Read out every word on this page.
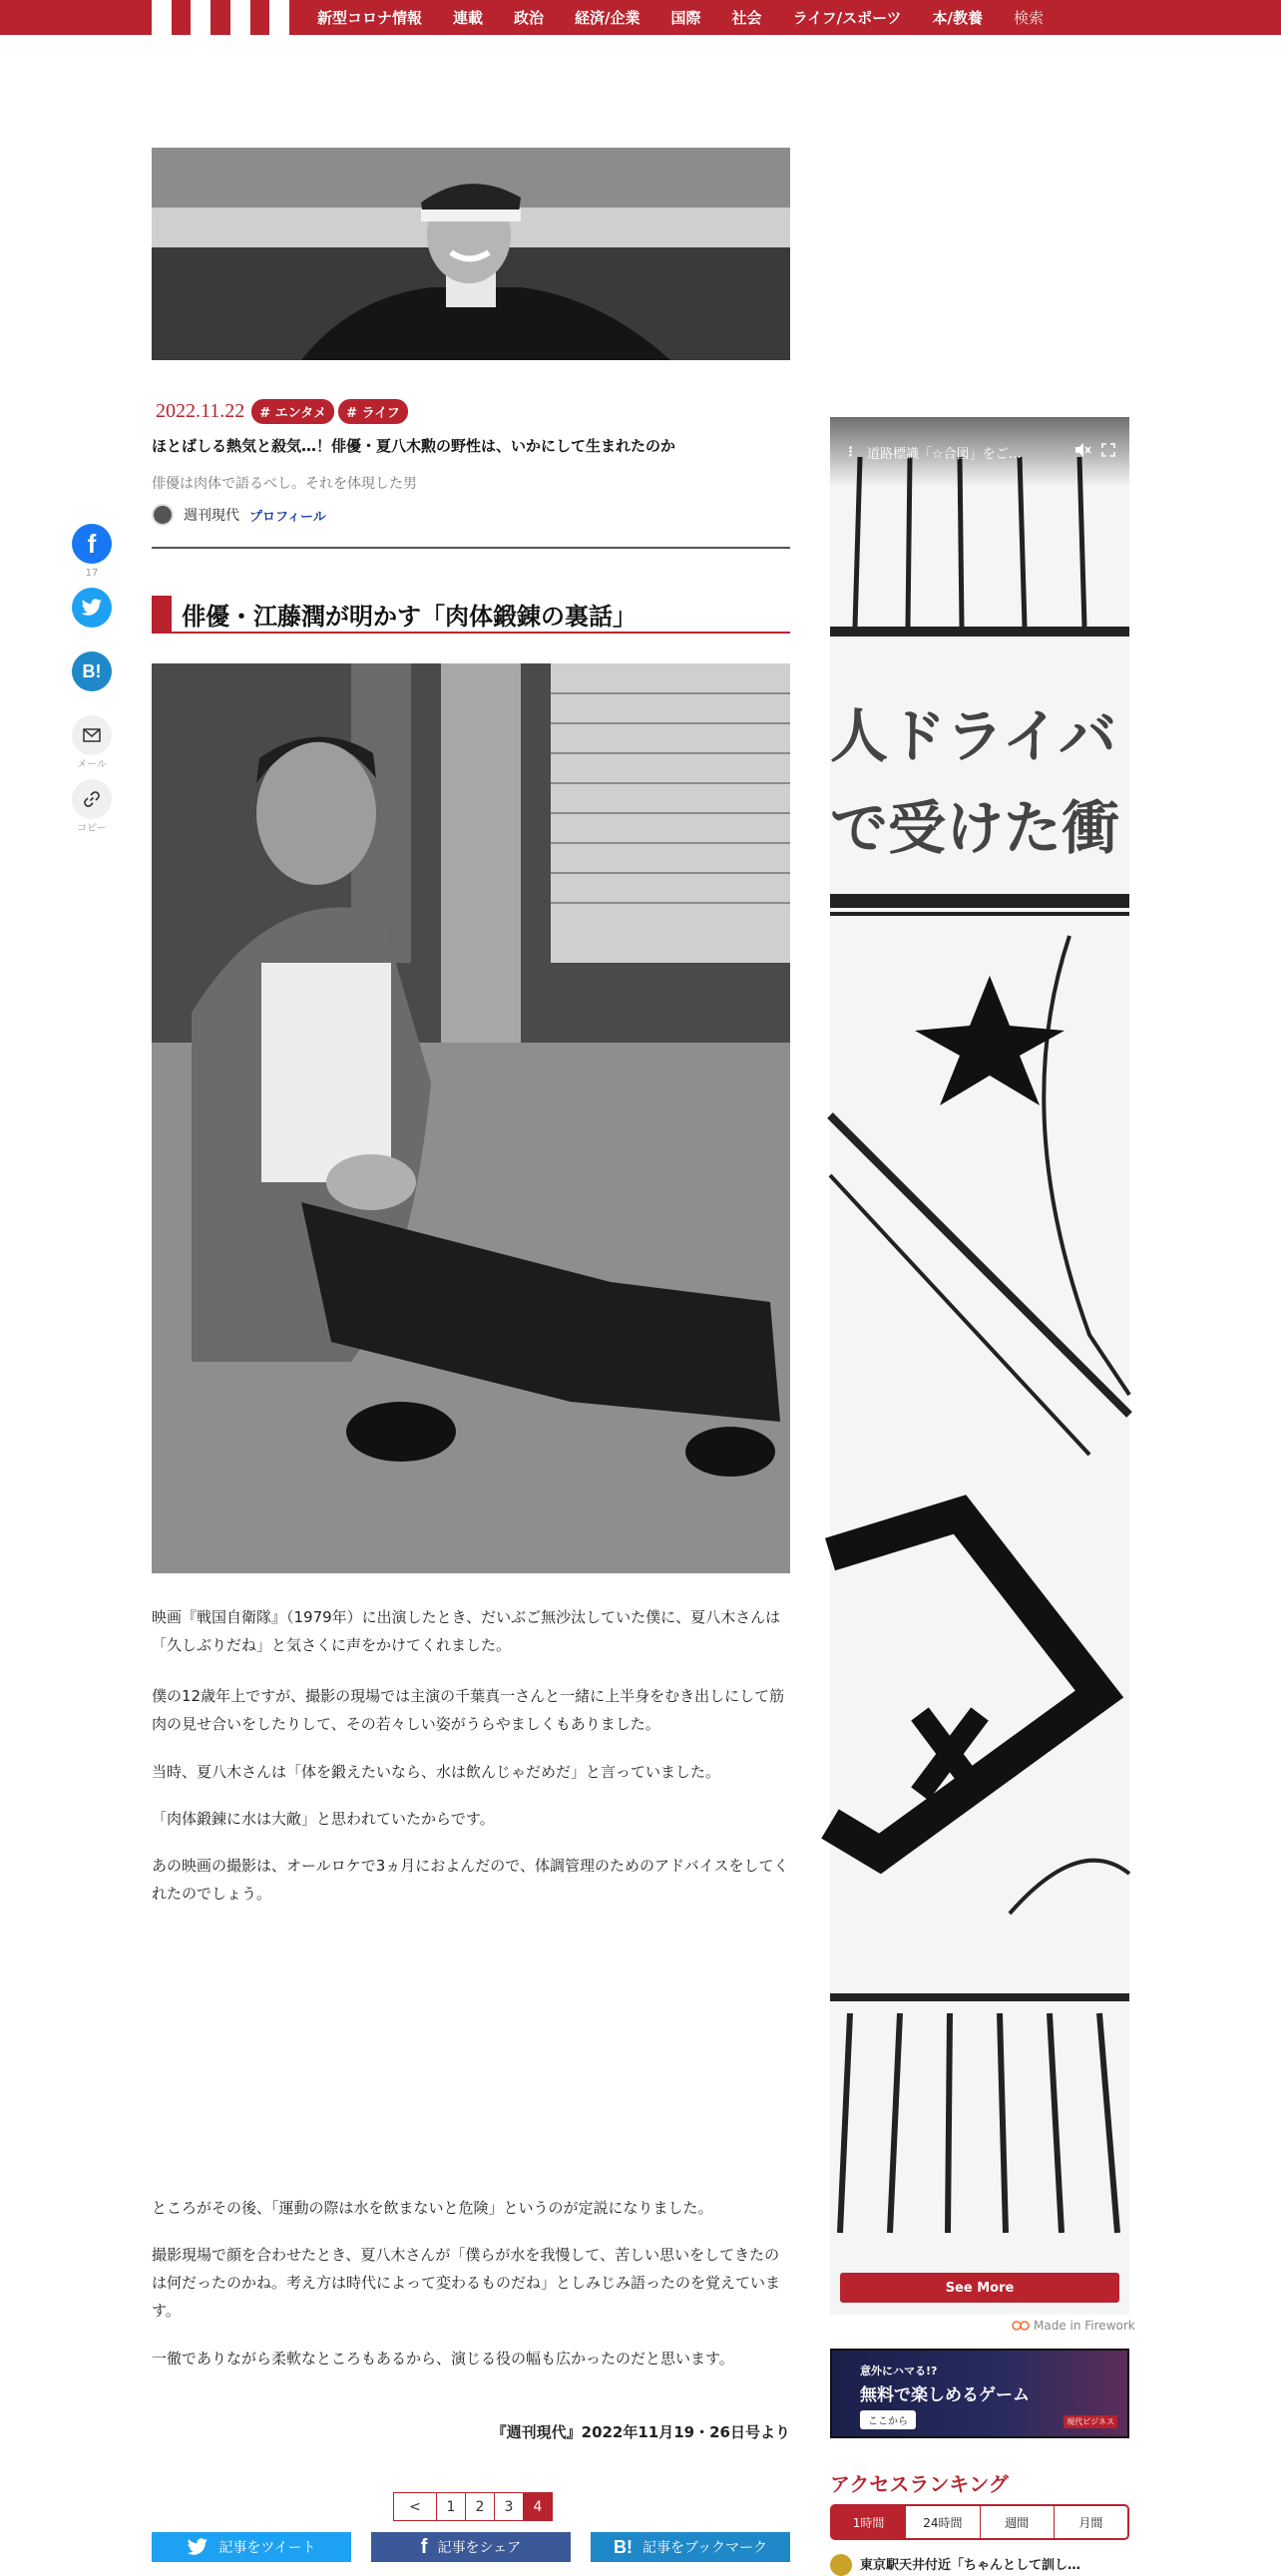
新型コロナ情報 連載 政治 経済/企業 国際 社会 ライフ/スポーツ 本/教養 検索
2022.11.22	# エンタメ	# ライフ
ほとばしる熱気と殺気…！俳優・夏八木勲の野性は、いかにして生まれたのか
俳優は肉体で語るべし。それを体現した男
週刊現代 プロフィール
f
17
B!
メール
コピー
俳優・江藤潤が明かす「肉体鍛錬の裏話」

映画『戦国自衛隊』（1979年）に出演したとき、だいぶご無沙汰していた僕に、夏八木さんは「久しぶりだね」と気さくに声をかけてくれました。

僕の12歳年上ですが、撮影の現場では主演の千葉真一さんと一緒に上半身をむき出しにして筋肉の見せ合いをしたりして、その若々しい姿がうらやましくもありました。

当時、夏八木さんは「体を鍛えたいなら、水は飲んじゃだめだ」と言っていました。

「肉体鍛錬に水は大敵」と思われていたからです。

あの映画の撮影は、オールロケで3ヵ月におよんだので、体調管理のためのアドバイスをしてくれたのでしょう。

ところがその後、「運動の際は水を飲まないと危険」というのが定説になりました。

撮影現場で顔を合わせたとき、夏八木さんが「僕らが水を我慢して、苦しい思いをしてきたのは何だったのかね。考え方は時代によって変わるものだね」としみじみ語ったのを覚えています。

一徹でありながら柔軟なところもあるから、演じる役の幅も広かったのだと思います。

『週刊現代』2022年11月19・26日号より
<	1	2	3	4
記事をツイート	f 記事をシェア	B! 記事をブックマーク
人ドライバ
で受けた衝
⋮ 道路標識「☆合図」をご…
See More
Made in Firework
意外にハマる!?
無料で楽しめるゲーム
ここから	現代ビジネス
アクセスランキング
1時間	24時間	週間	月間
東京駅天井付近「ちゃんとして訓し…
